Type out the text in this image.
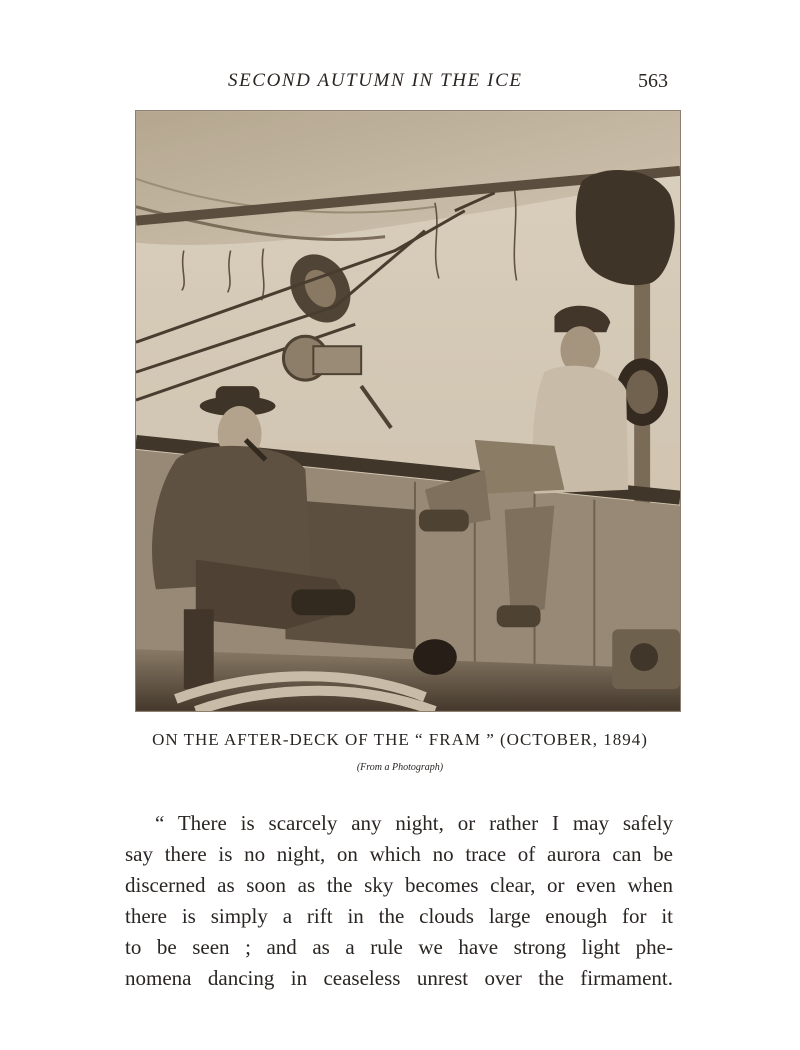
SECOND AUTUMN IN THE ICE	563
ON THE AFTER-DECK OF THE “ FRAM ” (OCTOBER, 1894)
(From a Photograph)
“ There is scarcely any night, or rather I may safely
say there is no night, on which no trace of aurora can be
discerned as soon as the sky becomes clear, or even when
there is simply a rift in the clouds large enough for it
to be seen ; and as a rule we have strong light phe-
nomena dancing in ceaseless unrest over the firmament.
